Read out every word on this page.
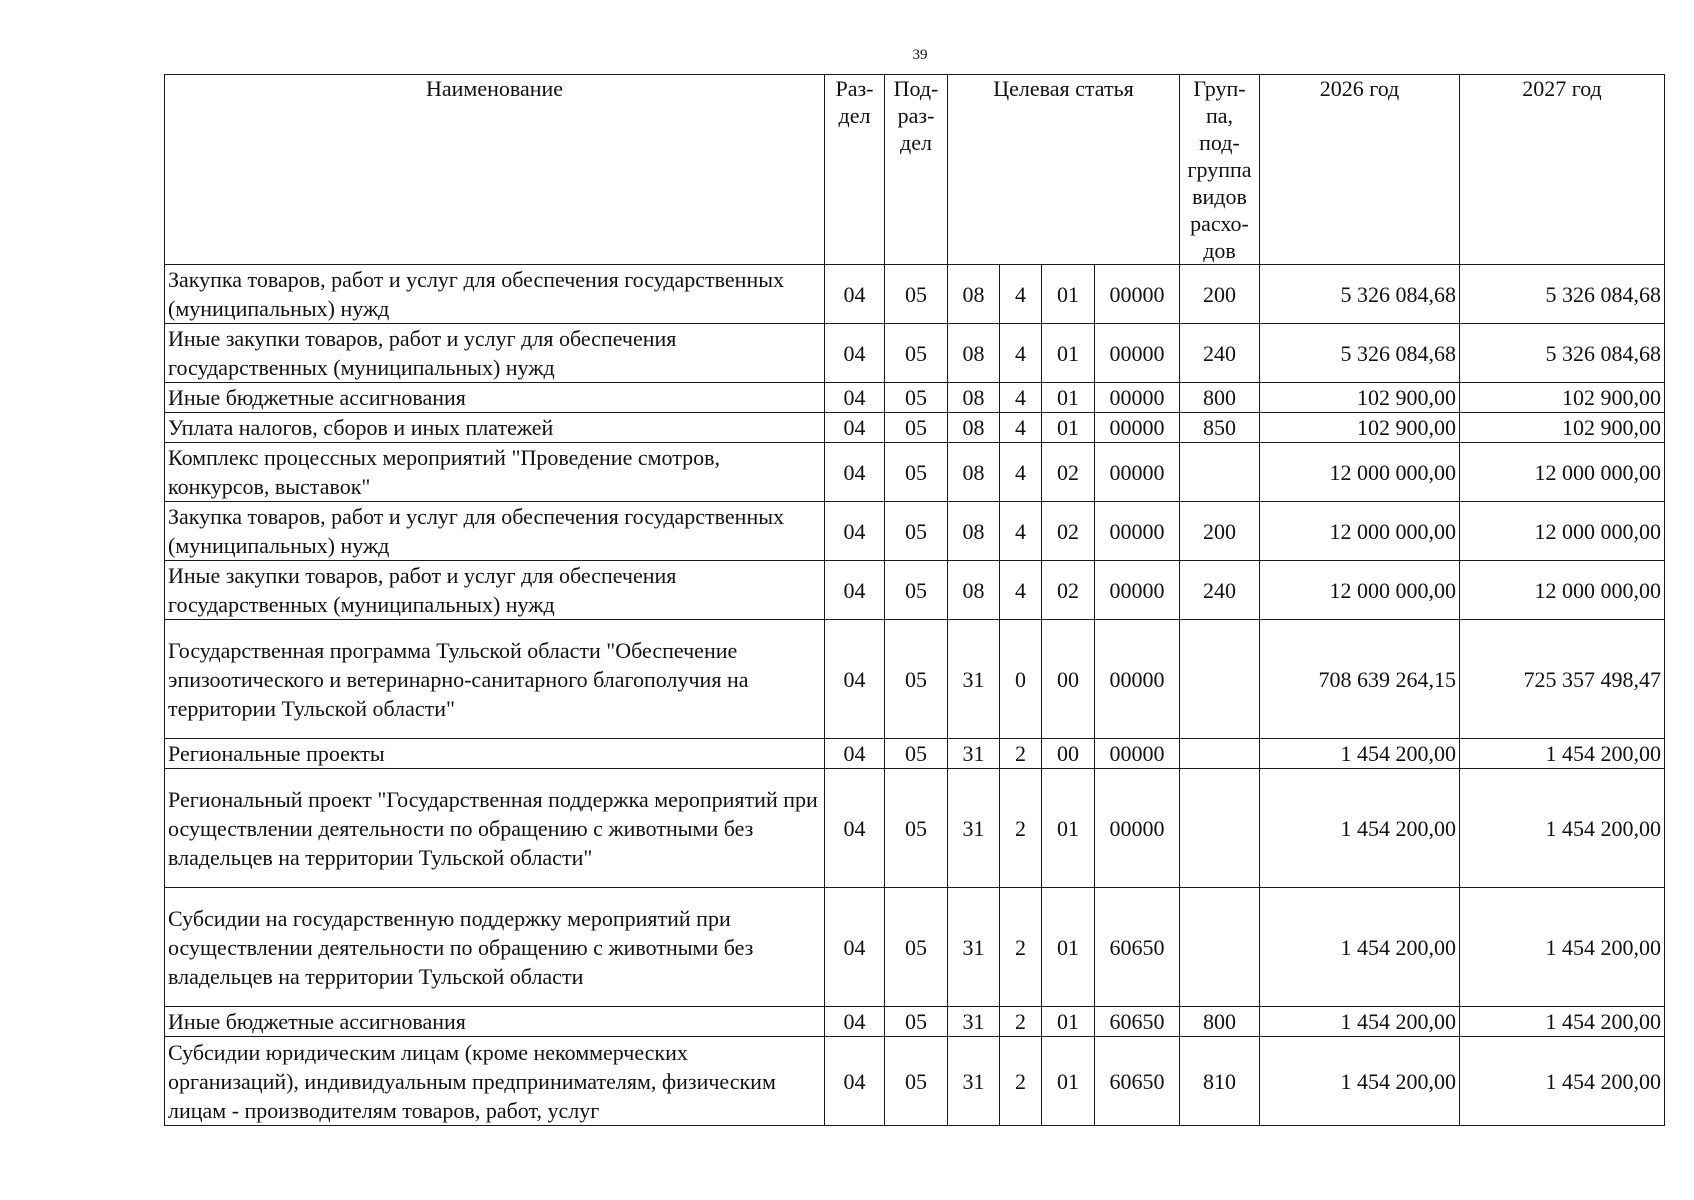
39
Наименование	Раз-дел	Под-раз-дел	Целевая статья				Груп-па, под-группа видов расхо-дов	2026 год	2027 год
Закупка товаров, работ и услуг для обеспечения государственных (муниципальных) нужд	04	05	08	4	01	00000	200	5 326 084,68	5 326 084,68
Иные закупки товаров, работ и услуг для обеспечения государственных (муниципальных) нужд	04	05	08	4	01	00000	240	5 326 084,68	5 326 084,68
Иные бюджетные ассигнования	04	05	08	4	01	00000	800	102 900,00	102 900,00
Уплата налогов, сборов и иных платежей	04	05	08	4	01	00000	850	102 900,00	102 900,00
Комплекс процессных мероприятий "Проведение смотров, конкурсов, выставок"	04	05	08	4	02	00000		12 000 000,00	12 000 000,00
Закупка товаров, работ и услуг для обеспечения государственных (муниципальных) нужд	04	05	08	4	02	00000	200	12 000 000,00	12 000 000,00
Иные закупки товаров, работ и услуг для обеспечения государственных (муниципальных) нужд	04	05	08	4	02	00000	240	12 000 000,00	12 000 000,00
Государственная программа Тульской области "Обеспечение эпизоотического и ветеринарно-санитарного благополучия на территории Тульской области"	04	05	31	0	00	00000		708 639 264,15	725 357 498,47
Региональные проекты	04	05	31	2	00	00000		1 454 200,00	1 454 200,00
Региональный проект "Государственная поддержка мероприятий при осуществлении деятельности по обращению с животными без владельцев на территории Тульской области"	04	05	31	2	01	00000		1 454 200,00	1 454 200,00
Субсидии на государственную поддержку мероприятий при осуществлении деятельности по обращению с животными без владельцев на территории Тульской области	04	05	31	2	01	60650		1 454 200,00	1 454 200,00
Иные бюджетные ассигнования	04	05	31	2	01	60650	800	1 454 200,00	1 454 200,00
Субсидии юридическим лицам (кроме некоммерческих организаций), индивидуальным предпринимателям, физическим лицам - производителям товаров, работ, услуг	04	05	31	2	01	60650	810	1 454 200,00	1 454 200,00
